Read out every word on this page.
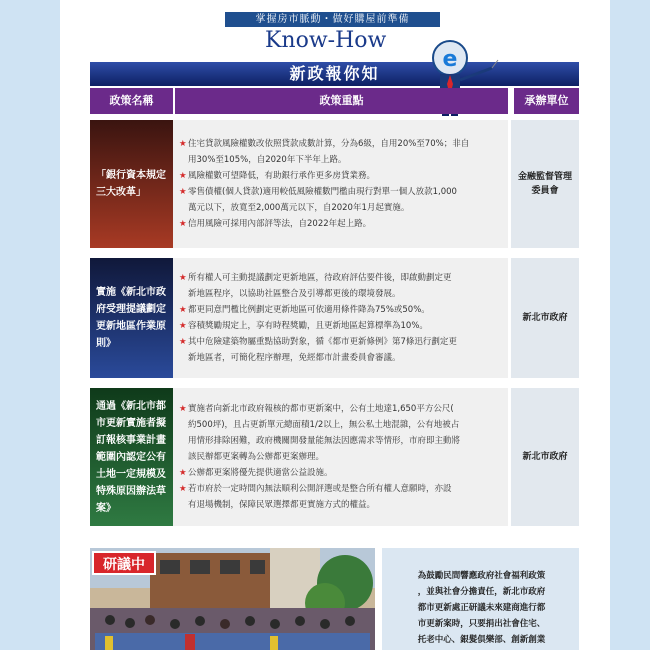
掌握房市脈動・做好購屋前準備
Know-How
新政報你知
e
政策名稱	政策重點	承辦單位
「銀行資本規定三大改革」
★ 住宅貸款風險權數改依照貸款成數計算，分為6級，自用20%至70%；非自
用30%至105%，自2020年下半年上路。
★ 風險權數可望降低，有助銀行承作更多房貸業務。
★ 零售債權(個人貸款)適用較低風險權數門檻由現行對單一個人放款1,000
萬元以下，放寬至2,000萬元以下，自2020年1月起實施。
★ 信用風險可採用內部評等法，自2022年起上路。
金融監督管理委員會
實施《新北市政府受理提議劃定更新地區作業原則》
★ 所有權人可主動提議劃定更新地區，待政府評估要件後，即啟動劃定更
新地區程序，以協助社區整合及引導都更後的環境發展。
★ 都更同意門檻比例劃定更新地區可依適用條件降為75%或50%。
★ 容積獎勵規定上，享有時程獎勵，且更新地區起算標準為10%。
★ 其中危險建築物屬重點協助對象，循《都市更新條例》第7條迅行劃定更
新地區者，可簡化程序辦理，免經都市計畫委員會審議。
新北市政府
通過《新北市都市更新實施者擬訂報核事業計畫範圍內認定公有土地一定規模及特殊原因辦法草案》
★ 實施者向新北市政府報核的都市更新案中，公有土地達1,650平方公尺(
約500坪)，且占更新單元總面積1/2以上，無公私土地混雜，公有地被占
用情形排除困難，政府機關開發量能無法因應需求等情形，市府即主動將
該民辦都更案轉為公辦都更案辦理。
★ 公辦都更案將優先提供適當公益設施。
★ 若市府於一定時間內無法順利公開評選或是整合所有權人意願時，亦設
有退場機制，保障民眾選擇都更實施方式的權益。
新北市政府
研議中

為鼓勵民間響應政府社會福利政策

，並與社會分擔責任，新北市政府

都市更新處正研議未來建商進行都

市更新案時，只要捐出社會住宅、

托老中心、銀髮俱樂部、創新創業
